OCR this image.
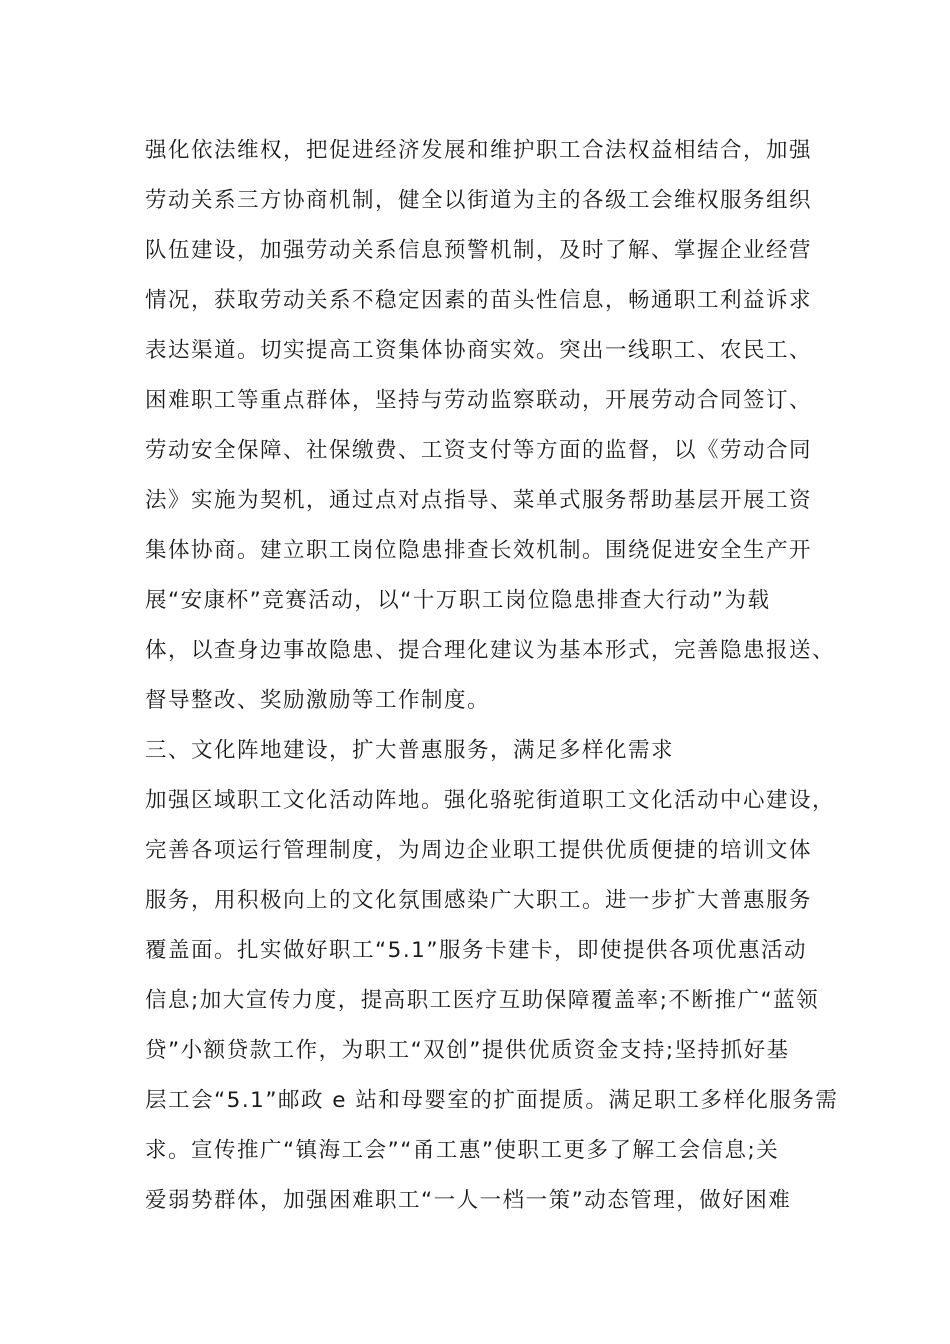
强化依法维权，把促进经济发展和维护职工合法权益相结合，加强
劳动关系三方协商机制，健全以街道为主的各级工会维权服务组织
队伍建设，加强劳动关系信息预警机制，及时了解、掌握企业经营
情况，获取劳动关系不稳定因素的苗头性信息，畅通职工利益诉求
表达渠道。切实提高工资集体协商实效。突出一线职工、农民工、
困难职工等重点群体，坚持与劳动监察联动，开展劳动合同签订、
劳动安全保障、社保缴费、工资支付等方面的监督，以《劳动合同
法》实施为契机，通过点对点指导、菜单式服务帮助基层开展工资
集体协商。建立职工岗位隐患排查长效机制。围绕促进安全生产开
展“安康杯”竞赛活动，以“十万职工岗位隐患排查大行动”为载
体，以查身边事故隐患、提合理化建议为基本形式，完善隐患报送、
督导整改、奖励激励等工作制度。
三、文化阵地建设，扩大普惠服务，满足多样化需求
加强区域职工文化活动阵地。强化骆驼街道职工文化活动中心建设，
完善各项运行管理制度，为周边企业职工提供优质便捷的培训文体
服务，用积极向上的文化氛围感染广大职工。进一步扩大普惠服务
覆盖面。扎实做好职工“5.1”服务卡建卡，即使提供各项优惠活动
信息;加大宣传力度，提高职工医疗互助保障覆盖率;不断推广“蓝领
贷”小额贷款工作，为职工“双创”提供优质资金支持;坚持抓好基
层工会“5.1”邮政 e 站和母婴室的扩面提质。满足职工多样化服务需
求。宣传推广“镇海工会”“甬工惠”使职工更多了解工会信息;关
爱弱势群体，加强困难职工“一人一档一策”动态管理，做好困难
